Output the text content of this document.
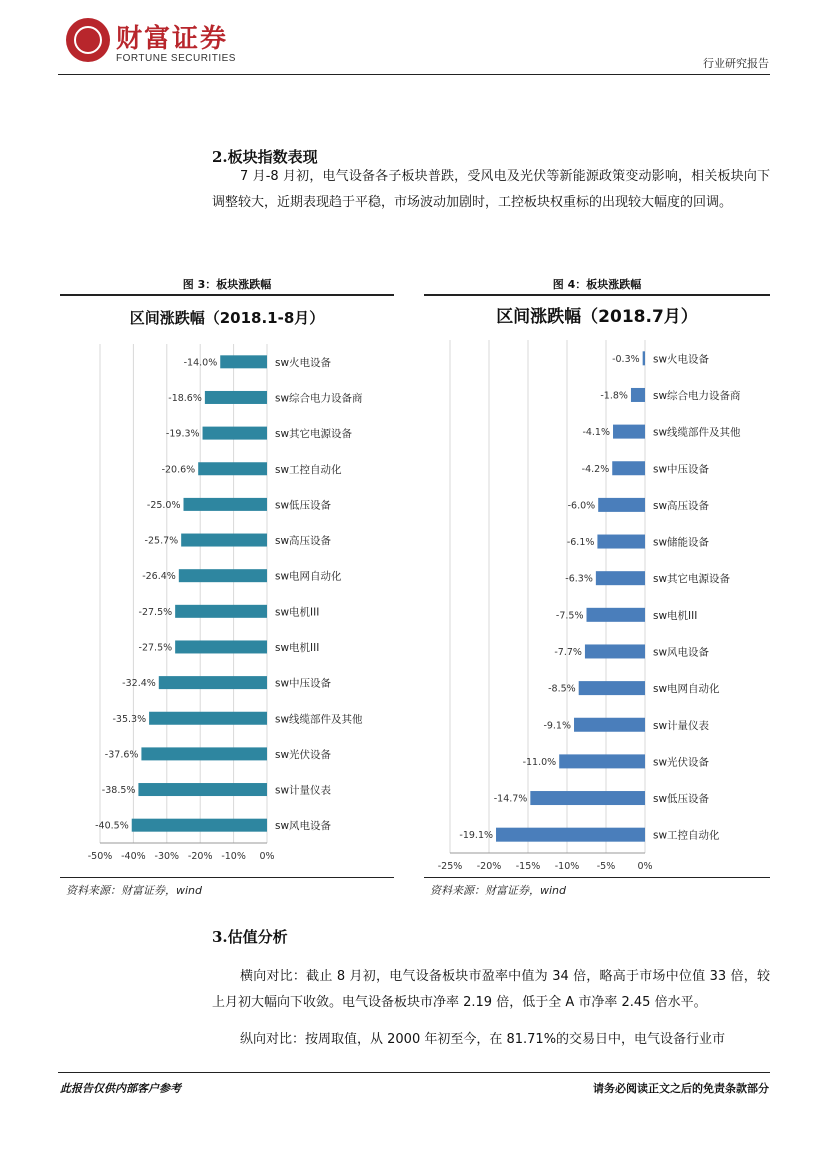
财富证券
FORTUNE SECURITIES	行业研究报告
2.板块指数表现
7 月-8 月初，电气设备各子板块普跌，受风电及光伏等新能源政策变动影响，相关板块向下调整较大，近期表现趋于平稳，市场波动加剧时，工控板块权重标的出现较大幅度的回调。
图 3：板块涨跌幅	图 4：板块涨跌幅
区间涨跌幅（2018.1-8月）	区间涨跌幅（2018.7月）
-50% -40% -30% -20% -10% 0%
-14.0%	sw火电设备
-18.6%	sw综合电力设备商
-19.3%	sw其它电源设备
-20.6%	sw工控自动化
-25.0%	sw低压设备
-25.7%	sw高压设备
-26.4%	sw电网自动化
-27.5%	sw电机III
-27.5%	sw电机III
-32.4%	sw中压设备
-35.3%	sw线缆部件及其他
-37.6%	sw光伏设备
-38.5%	sw计量仪表
-40.5%	sw风电设备
-25% -20% -15% -10% -5% 0%
-0.3% sw火电设备
-1.8% sw综合电力设备商
-4.1%	sw线缆部件及其他
-4.2%	sw中压设备
-6.0%	sw高压设备
-6.1%	sw储能设备
-6.3%	sw其它电源设备
-7.5%	sw电机III
-7.7%	sw风电设备
-8.5%	sw电网自动化
-9.1%	sw计量仪表
-11.0%	sw光伏设备
-14.7%	sw低压设备
-19.1%	sw工控自动化
资料来源：财富证券，wind	资料来源：财富证券，wind
3.估值分析
横向对比：截止 8 月初，电气设备板块市盈率中值为 34 倍，略高于市场中位值 33 倍，较上月初大幅向下收敛。电气设备板块市净率 2.19 倍，低于全 A 市净率 2.45 倍水平。
纵向对比：按周取值，从 2000 年初至今，在 81.71%的交易日中，电气设备行业市
此报告仅供内部客户参考	请务必阅读正文之后的免责条款部分
